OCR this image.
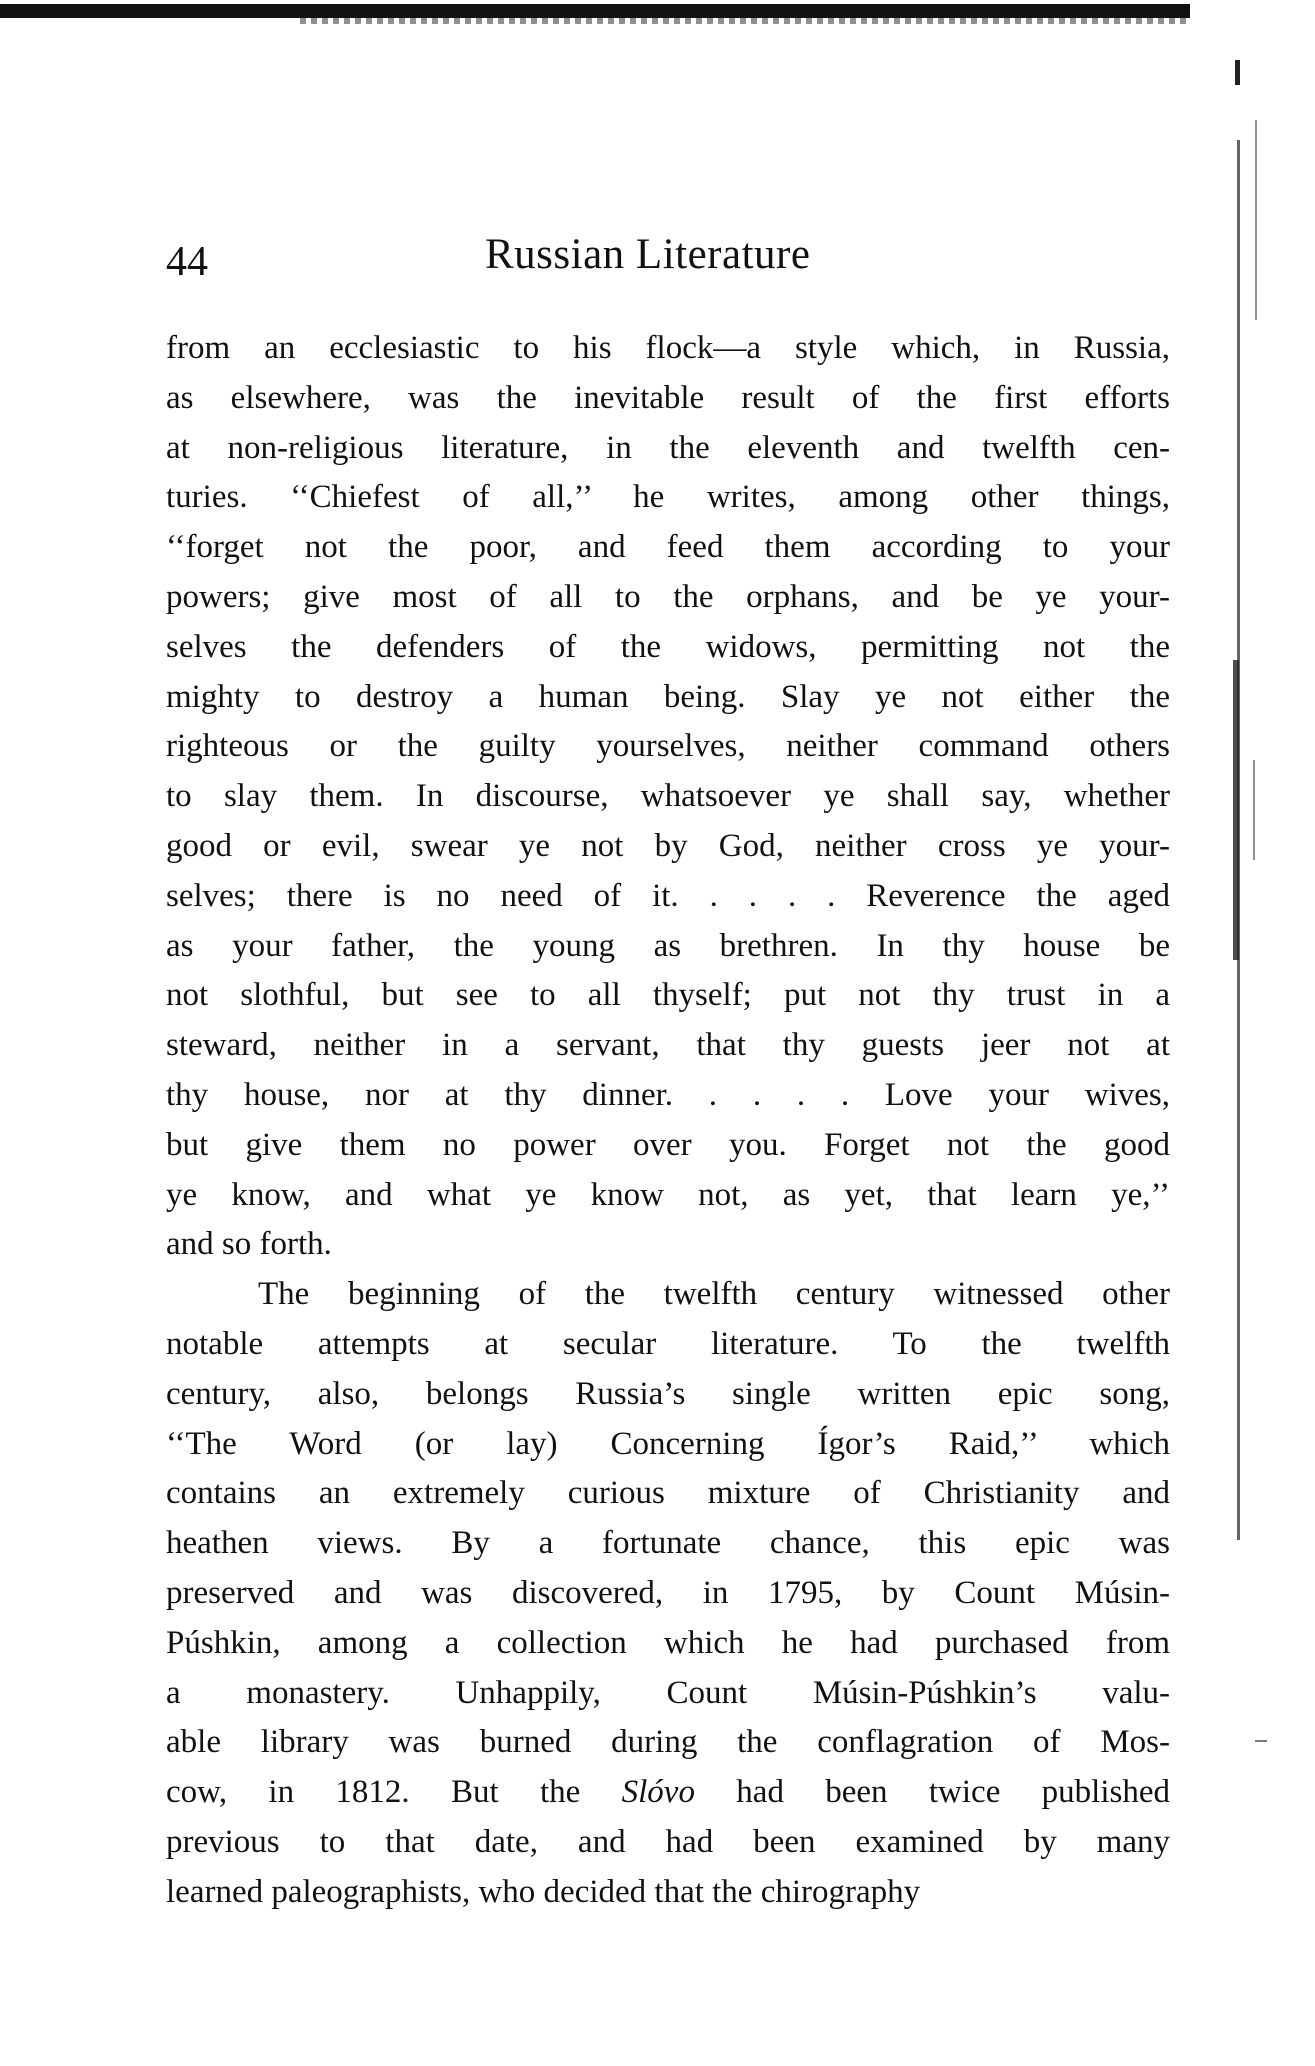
44	Russian Literature
from an ecclesiastic to his flock—a style which, in Russia,
as elsewhere, was the inevitable result of the first efforts
at non-religious literature, in the eleventh and twelfth cen-
turies. ‘‘Chiefest of all,’’ he writes, among other things,
‘‘forget not the poor, and feed them according to your
powers; give most of all to the orphans, and be ye your-
selves the defenders of the widows, permitting not the
mighty to destroy a human being. Slay ye not either the
righteous or the guilty yourselves, neither command others
to slay them. In discourse, whatsoever ye shall say, whether
good or evil, swear ye not by God, neither cross ye your-
selves; there is no need of it. . . . . Reverence the aged
as your father, the young as brethren. In thy house be
not slothful, but see to all thyself; put not thy trust in a
steward, neither in a servant, that thy guests jeer not at
thy house, nor at thy dinner. . . . . Love your wives,
but give them no power over you. Forget not the good
ye know, and what ye know not, as yet, that learn ye,’’
and so forth.
The beginning of the twelfth century witnessed other
notable attempts at secular literature. To the twelfth
century, also, belongs Russia’s single written epic song,
‘‘The Word (or lay) Concerning Ígor’s Raid,’’ which
contains an extremely curious mixture of Christianity and
heathen views. By a fortunate chance, this epic was
preserved and was discovered, in 1795, by Count Músin-
Púshkin, among a collection which he had purchased from
a monastery. Unhappily, Count Músin-Púshkin’s valu-
able library was burned during the conflagration of Mos-
cow, in 1812. But the Slóvo had been twice published
previous to that date, and had been examined by many
learned paleographists, who decided that the chirography
